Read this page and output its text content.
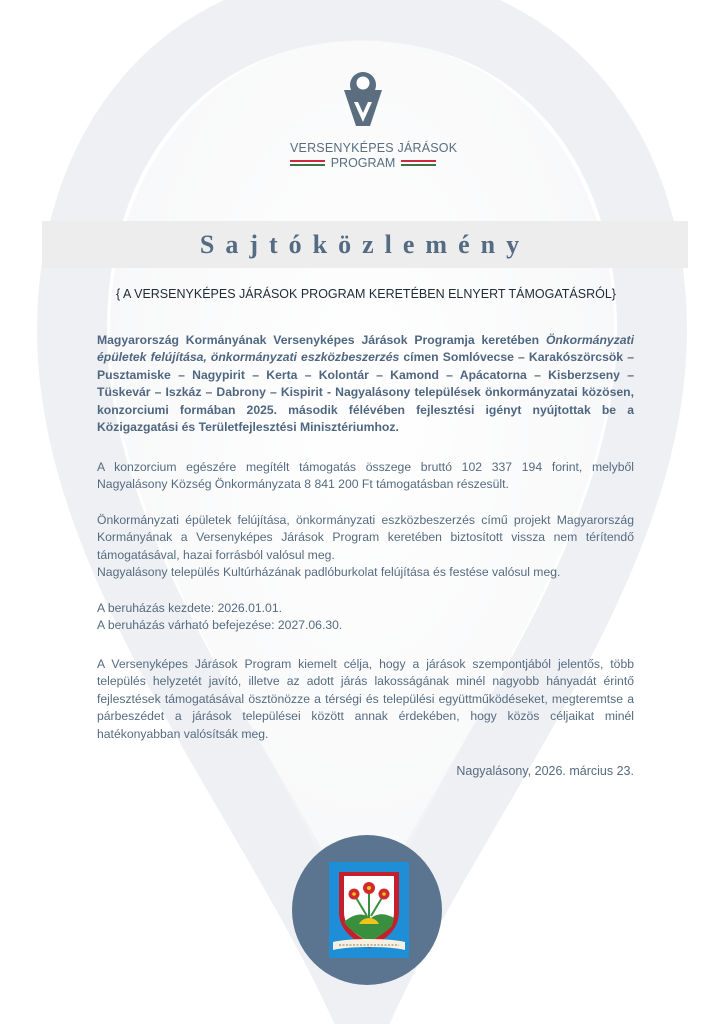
VERSENYKÉPES JÁRÁSOK
PROGRAM
Sajtóközlemény
{ A VERSENYKÉPES JÁRÁSOK PROGRAM KERETÉBEN ELNYERT TÁMOGATÁSRÓL}
Magyarország Kormányának Versenyképes Járások Programja keretében Önkormányzati épületek felújítása, önkormányzati eszközbeszerzés címen Somlóvecse – Karakószörcsök – Pusztamiske – Nagypirit – Kerta – Kolontár – Kamond – Apácatorna – Kisberzseny – Tüskevár – Iszkáz – Dabrony – Kispirit - Nagyalásony települések önkormányzatai közösen, konzorciumi formában 2025. második félévében fejlesztési igényt nyújtottak be a Közigazgatási és Területfejlesztési Minisztériumhoz.
A konzorcium egészére megítélt támogatás összege bruttó 102 337 194 forint, melyből Nagyalásony Község Önkormányzata 8 841 200 Ft támogatásban részesült.
Önkormányzati épületek felújítása, önkormányzati eszközbeszerzés című projekt Magyarország Kormányának a Versenyképes Járások Program keretében biztosított vissza nem térítendő támogatásával, hazai forrásból valósul meg.
Nagyalásony település Kultúrházának padlóburkolat felújítása és festése valósul meg.
A beruházás kezdete: 2026.01.01.
A beruházás várható befejezése: 2027.06.30.
A Versenyképes Járások Program kiemelt célja, hogy a járások szempontjából jelentős, több település helyzetét javító, illetve az adott járás lakosságának minél nagyobb hányadát érintő fejlesztések támogatásával ösztönözze a térségi és települési együttműködéseket, megteremtse a párbeszédet a járások települései között annak érdekében, hogy közös céljaikat minél hatékonyabban valósítsák meg.
Nagyalásony, 2026. március 23.
